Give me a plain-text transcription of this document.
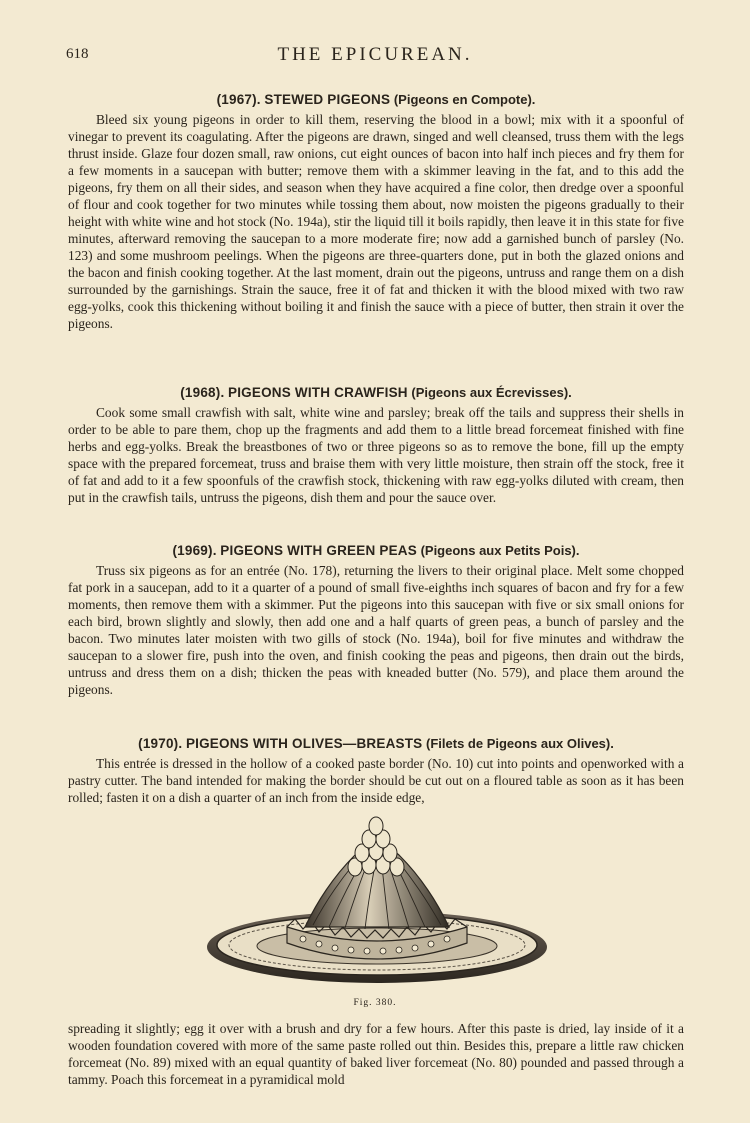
618	THE EPICUREAN.
(1967). STEWED PIGEONS (Pigeons en Compote).

Bleed six young pigeons in order to kill them, reserving the blood in a bowl; mix with it a spoonful of vinegar to prevent its coagulating. After the pigeons are drawn, singed and well cleansed, truss them with the legs thrust inside. Glaze four dozen small, raw onions, cut eight ounces of bacon into half inch pieces and fry them for a few moments in a saucepan with butter; remove them with a skimmer leaving in the fat, and to this add the pigeons, fry them on all their sides, and season when they have acquired a fine color, then dredge over a spoonful of flour and cook together for two minutes while tossing them about, now moisten the pigeons gradually to their height with white wine and hot stock (No. 194a), stir the liquid till it boils rapidly, then leave it in this state for five minutes, afterward removing the saucepan to a more moderate fire; now add a garnished bunch of parsley (No. 123) and some mushroom peelings. When the pigeons are three-quarters done, put in both the glazed onions and the bacon and finish cooking together. At the last moment, drain out the pigeons, untruss and range them on a dish surrounded by the garnishings. Strain the sauce, free it of fat and thicken it with the blood mixed with two raw egg-yolks, cook this thickening without boiling it and finish the sauce with a piece of butter, then strain it over the pigeons.

(1968). PIGEONS WITH CRAWFISH (Pigeons aux Écrevisses).

Cook some small crawfish with salt, white wine and parsley; break off the tails and suppress their shells in order to be able to pare them, chop up the fragments and add them to a little bread forcemeat finished with fine herbs and egg-yolks. Break the breastbones of two or three pigeons so as to remove the bone, fill up the empty space with the prepared forcemeat, truss and braise them with very little moisture, then strain off the stock, free it of fat and add to it a few spoonfuls of the crawfish stock, thickening with raw egg-yolks diluted with cream, then put in the crawfish tails, untruss the pigeons, dish them and pour the sauce over.

(1969). PIGEONS WITH GREEN PEAS (Pigeons aux Petits Pois).

Truss six pigeons as for an entrée (No. 178), returning the livers to their original place. Melt some chopped fat pork in a saucepan, add to it a quarter of a pound of small five-eighths inch squares of bacon and fry for a few moments, then remove them with a skimmer. Put the pigeons into this saucepan with five or six small onions for each bird, brown slightly and slowly, then add one and a half quarts of green peas, a bunch of parsley and the bacon. Two minutes later moisten with two gills of stock (No. 194a), boil for five minutes and withdraw the saucepan to a slower fire, push into the oven, and finish cooking the peas and pigeons, then drain out the birds, untruss and dress them on a dish; thicken the peas with kneaded butter (No. 579), and place them around the pigeons.

(1970). PIGEONS WITH OLIVES—BREASTS (Filets de Pigeons aux Olives).

This entrée is dressed in the hollow of a cooked paste border (No. 10) cut into points and openworked with a pastry cutter. The band intended for making the border should be cut out on a floured table as soon as it has been rolled; fasten it on a dish a quarter of an inch from the inside edge,

Fig. 380.

spreading it slightly; egg it over with a brush and dry for a few hours. After this paste is dried, lay inside of it a wooden foundation covered with more of the same paste rolled out thin. Besides this, prepare a little raw chicken forcemeat (No. 89) mixed with an equal quantity of baked liver forcemeat (No. 80) pounded and passed through a tammy. Poach this forcemeat in a pyramidical mold
